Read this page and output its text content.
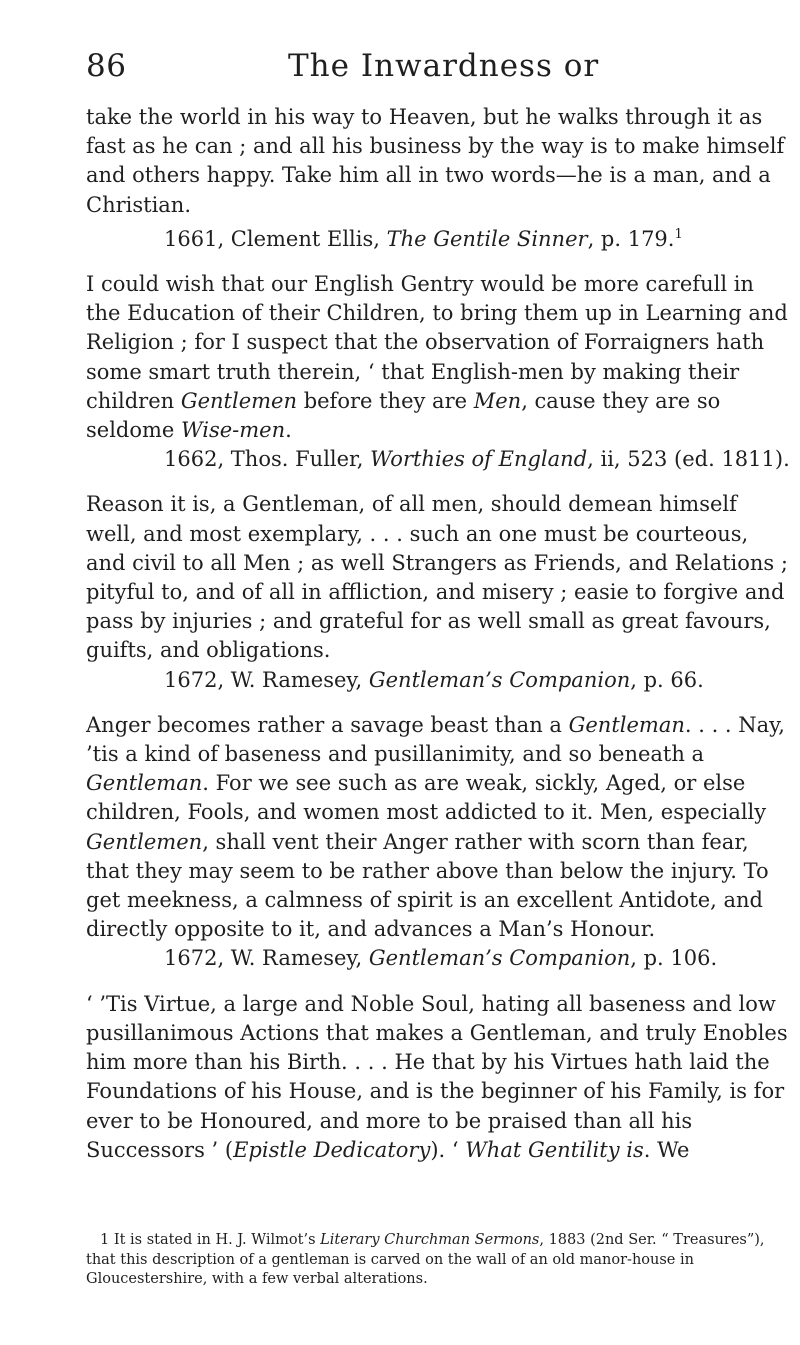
86	The Inwardness or

take the world in his way to Heaven, but he walks through it as fast as he can ; and all his business by the way is to make himself and others happy. Take him all in two words—he is a man, and a Christian.

1661, Clement Ellis, The Gentile Sinner, p. 179.$^1$

I could wish that our English Gentry would be more carefull in the Education of their Children, to bring them up in Learning and Religion ; for I suspect that the observation of Forraigners hath some smart truth therein, ‘ that English-men by making their children Gentlemen before they are Men, cause they are so seldome Wise-men.

1662, Thos. Fuller, Worthies of England, ii, 523 (ed. 1811).

Reason it is, a Gentleman, of all men, should demean himself well, and most exemplary, . . . such an one must be courteous, and civil to all Men ; as well Strangers as Friends, and Relations ; pityful to, and of all in affliction, and misery ; easie to forgive and pass by injuries ; and grateful for as well small as great favours, guifts, and obligations.

1672, W. Ramesey, Gentleman’s Companion, p. 66.

Anger becomes rather a savage beast than a Gentleman. . . . Nay, ’tis a kind of baseness and pusillanimity, and so beneath a Gentleman. For we see such as are weak, sickly, Aged, or else children, Fools, and women most addicted to it. Men, especially Gentlemen, shall vent their Anger rather with scorn than fear, that they may seem to be rather above than below the injury. To get meekness, a calmness of spirit is an excellent Antidote, and directly opposite to it, and advances a Man’s Honour.

1672, W. Ramesey, Gentleman’s Companion, p. 106.

‘ ’Tis Virtue, a large and Noble Soul, hating all baseness and low pusillanimous Actions that makes a Gentleman, and truly Enobles him more than his Birth. . . . He that by his Virtues hath laid the Foundations of his House, and is the beginner of his Family, is for ever to be Honoured, and more to be praised than all his Successors ’ (Epistle Dedicatory). ‘ What Gentility is. We

1 It is stated in H. J. Wilmot’s Literary Churchman Sermons, 1883 (2nd Ser. “ Treasures”), that this description of a gentleman is carved on the wall of an old manor-house in Gloucestershire, with a few verbal alterations.
